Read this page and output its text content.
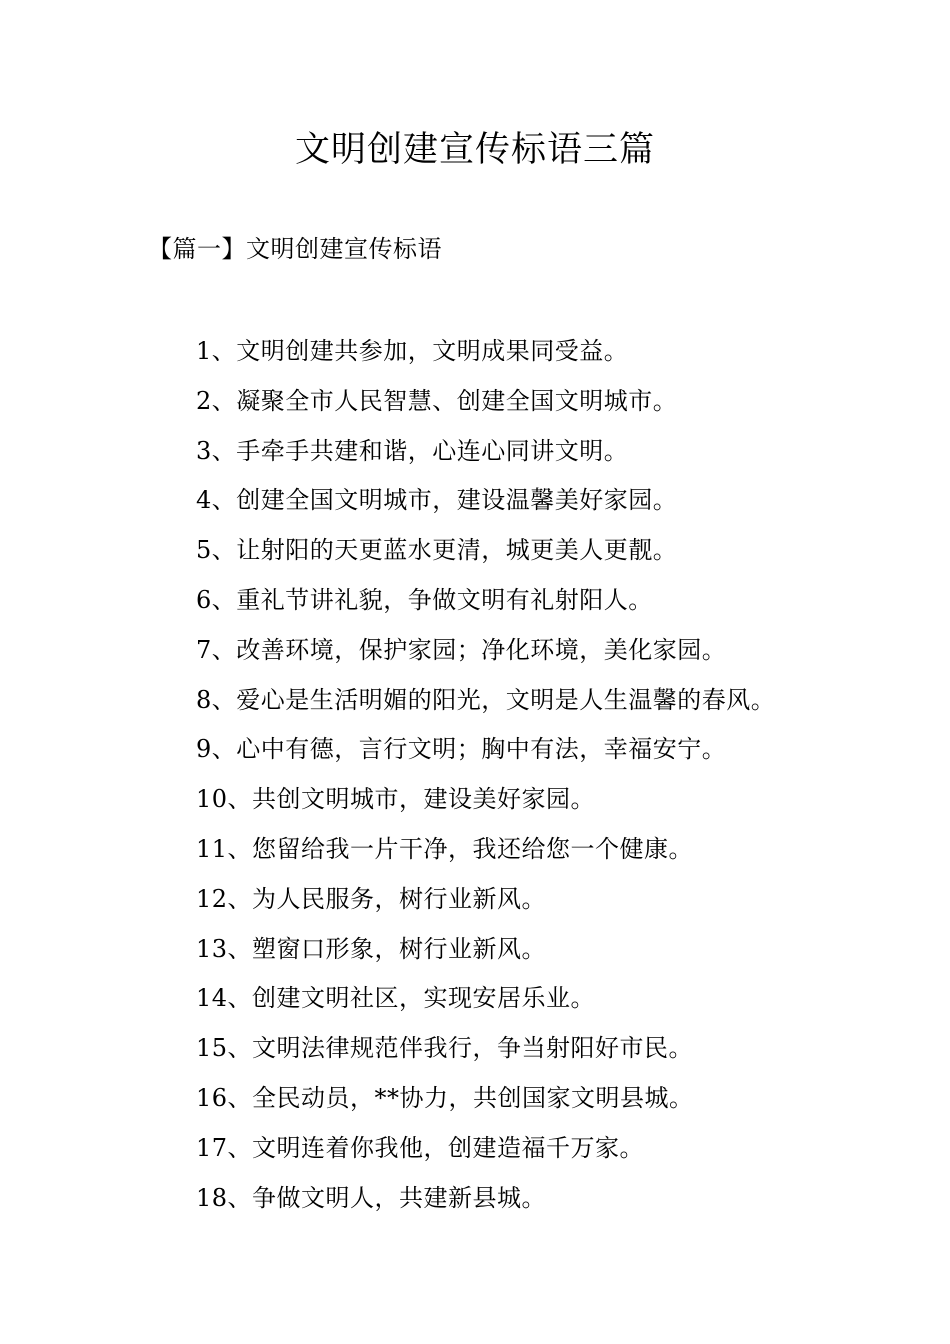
文明创建宣传标语三篇
【篇一】文明创建宣传标语
1、文明创建共参加，文明成果同受益。
2、凝聚全市人民智慧、创建全国文明城市。
3、手牵手共建和谐，心连心同讲文明。
4、创建全国文明城市，建设温馨美好家园。
5、让射阳的天更蓝水更清，城更美人更靓。
6、重礼节讲礼貌，争做文明有礼射阳人。
7、改善环境，保护家园；净化环境，美化家园。
8、爱心是生活明媚的阳光，文明是人生温馨的春风。
9、心中有德，言行文明；胸中有法，幸福安宁。
10、共创文明城市，建设美好家园。
11、您留给我一片干净，我还给您一个健康。
12、为人民服务，树行业新风。
13、塑窗口形象，树行业新风。
14、创建文明社区，实现安居乐业。
15、文明法律规范伴我行，争当射阳好市民。
16、全民动员，**协力，共创国家文明县城。
17、文明连着你我他，创建造福千万家。
18、争做文明人，共建新县城。
